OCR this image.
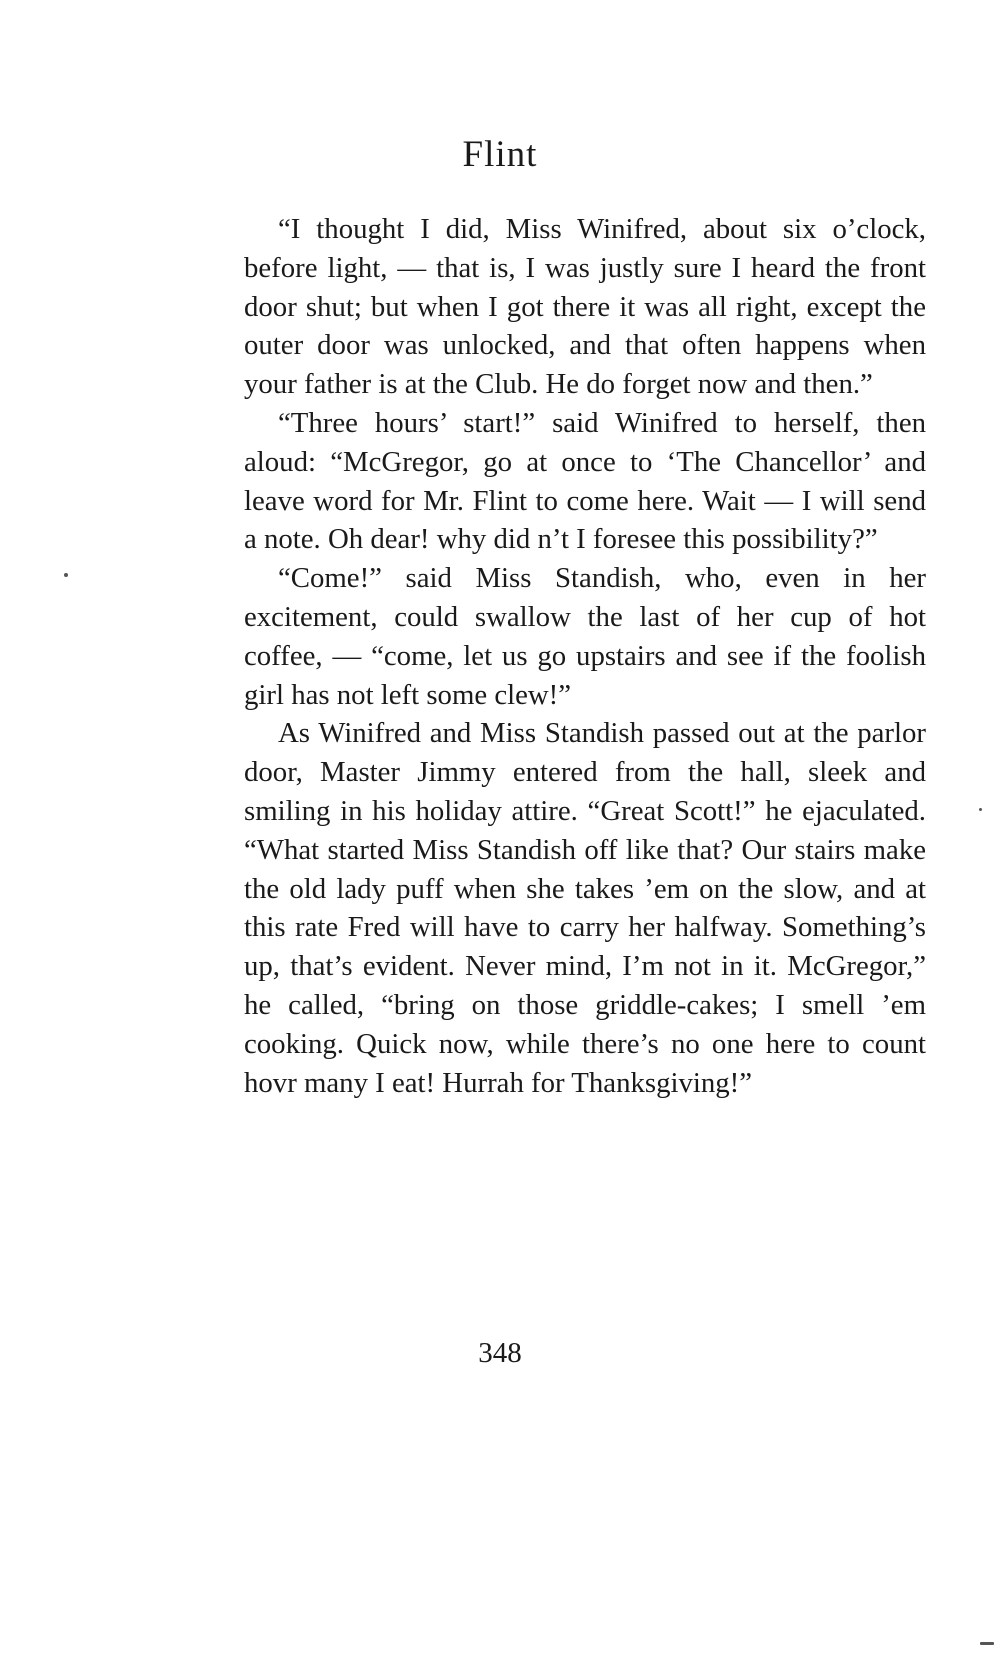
Flint

“I thought I did, Miss Winifred, about six o’clock, before light, — that is, I was justly sure I heard the front door shut; but when I got there it was all right, except the outer door was unlocked, and that often happens when your father is at the Club. He do forget now and then.”

“Three hours’ start!” said Winifred to herself, then aloud: “McGregor, go at once to ‘The Chancellor’ and leave word for Mr. Flint to come here. Wait — I will send a note. Oh dear! why did n’t I foresee this possibility?”

“Come!” said Miss Standish, who, even in her excitement, could swallow the last of her cup of hot coffee, — “come, let us go upstairs and see if the foolish girl has not left some clew!”

As Winifred and Miss Standish passed out at the parlor door, Master Jimmy entered from the hall, sleek and smiling in his holiday attire. “Great Scott!” he ejaculated. “What started Miss Standish off like that? Our stairs make the old lady puff when she takes ’em on the slow, and at this rate Fred will have to carry her halfway. Something’s up, that’s evident. Never mind, I’m not in it. McGregor,” he called, “bring on those griddle-cakes; I smell ’em cooking. Quick now, while there’s no one here to count hovr many I eat! Hurrah for Thanksgiving!”

348
